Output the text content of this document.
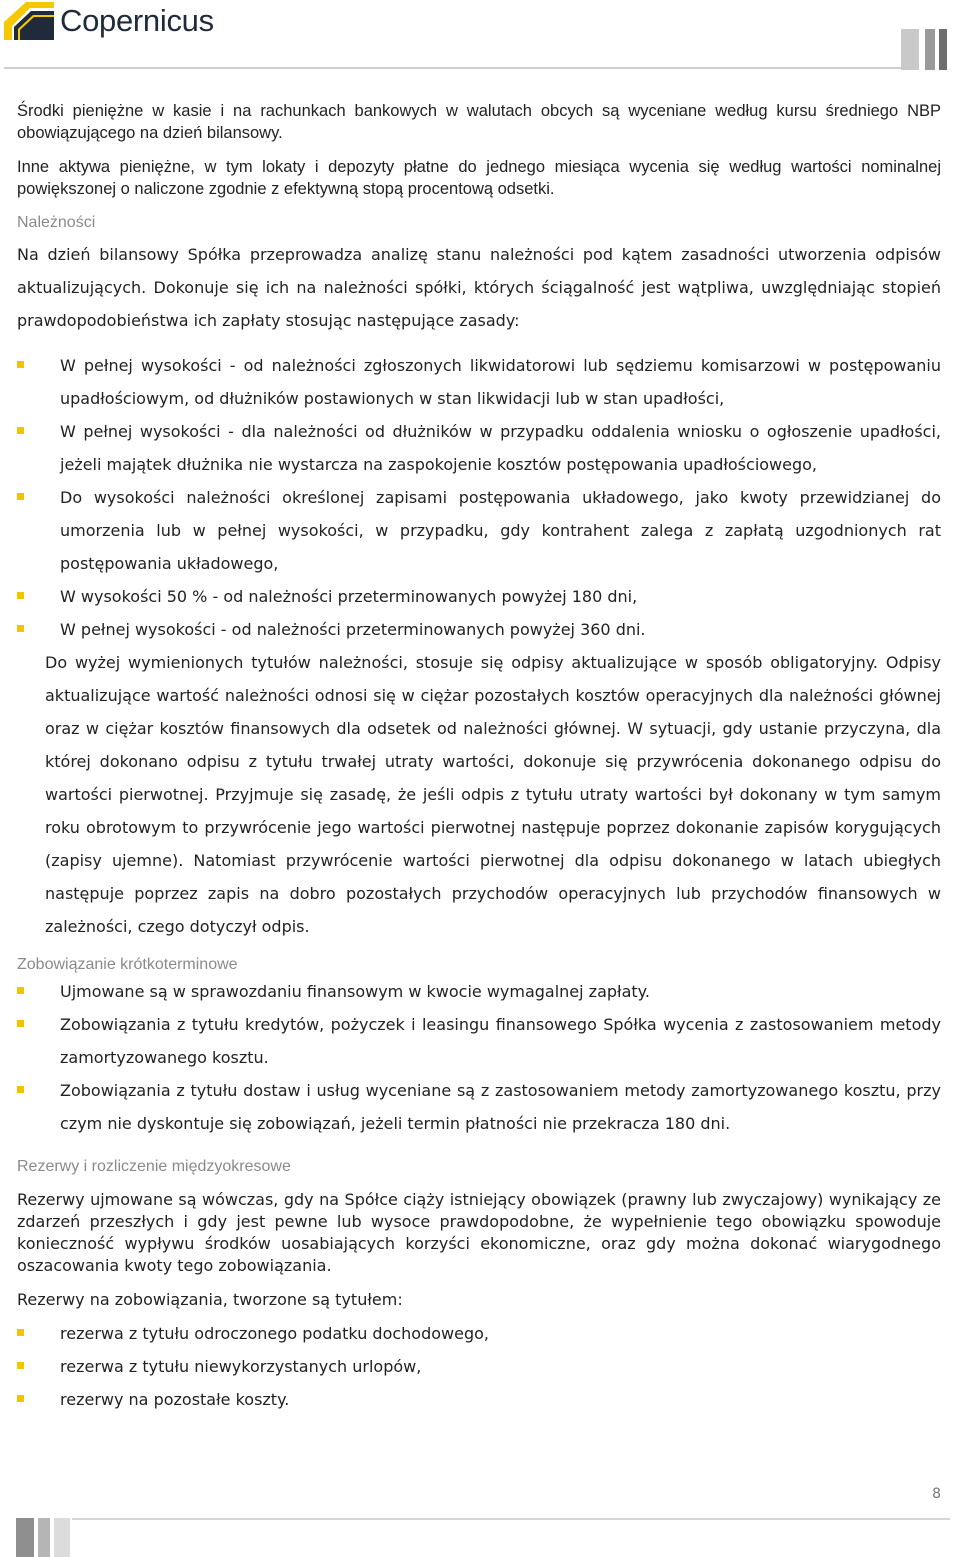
Copernicus

Środki pieniężne w kasie i na rachunkach bankowych w walutach obcych są wyceniane według kursu średniego NBP obowiązującego na dzień bilansowy.

Inne aktywa pieniężne, w tym lokaty i depozyty płatne do jednego miesiąca wycenia się według wartości nominalnej powiększonej o naliczone zgodnie z efektywną stopą procentową odsetki.

Należności

Na dzień bilansowy Spółka przeprowadza analizę stanu należności pod kątem zasadności utworzenia odpisów aktualizujących. Dokonuje się ich na należności spółki, których ściągalność jest wątpliwa, uwzględniając stopień prawdopodobieństwa ich zapłaty stosując następujące zasady:

W pełnej wysokości - od należności zgłoszonych likwidatorowi lub sędziemu komisarzowi w postępowaniu upadłościowym, od dłużników postawionych w stan likwidacji lub w stan upadłości,
W pełnej wysokości - dla należności od dłużników w przypadku oddalenia wniosku o ogłoszenie upadłości, jeżeli majątek dłużnika nie wystarcza na zaspokojenie kosztów postępowania upadłościowego,
Do wysokości należności określonej zapisami postępowania układowego, jako kwoty przewidzianej do umorzenia lub w pełnej wysokości, w przypadku, gdy kontrahent zalega z zapłatą uzgodnionych rat postępowania układowego,
W wysokości 50 % - od należności przeterminowanych powyżej 180 dni,
W pełnej wysokości - od należności przeterminowanych powyżej 360 dni.

Do wyżej wymienionych tytułów należności, stosuje się odpisy aktualizujące w sposób obligatoryjny. Odpisy aktualizujące wartość należności odnosi się w ciężar pozostałych kosztów operacyjnych dla należności głównej oraz w ciężar kosztów finansowych dla odsetek od należności głównej. W sytuacji, gdy ustanie przyczyna, dla której dokonano odpisu z tytułu trwałej utraty wartości, dokonuje się przywrócenia dokonanego odpisu do wartości pierwotnej. Przyjmuje się zasadę, że jeśli odpis z tytułu utraty wartości był dokonany w tym samym roku obrotowym to przywrócenie jego wartości pierwotnej następuje poprzez dokonanie zapisów korygujących (zapisy ujemne). Natomiast przywrócenie wartości pierwotnej dla odpisu dokonanego w latach ubiegłych następuje poprzez zapis na dobro pozostałych przychodów operacyjnych lub przychodów finansowych w zależności, czego dotyczył odpis.

Zobowiązanie krótkoterminowe

Ujmowane są w sprawozdaniu finansowym w kwocie wymagalnej zapłaty.
Zobowiązania z tytułu kredytów, pożyczek i leasingu finansowego Spółka wycenia z zastosowaniem metody zamortyzowanego kosztu.
Zobowiązania z tytułu dostaw i usług wyceniane są z zastosowaniem metody zamortyzowanego kosztu, przy czym nie dyskontuje się zobowiązań, jeżeli termin płatności nie przekracza 180 dni.

Rezerwy i rozliczenie międzyokresowe

Rezerwy ujmowane są wówczas, gdy na Spółce ciąży istniejący obowiązek (prawny lub zwyczajowy) wynikający ze zdarzeń przeszłych i gdy jest pewne lub wysoce prawdopodobne, że wypełnienie tego obowiązku spowoduje konieczność wypływu środków uosabiających korzyści ekonomiczne, oraz gdy można dokonać wiarygodnego oszacowania kwoty tego zobowiązania.

Rezerwy na zobowiązania, tworzone są tytułem:

rezerwa z tytułu odroczonego podatku dochodowego,
rezerwa z tytułu niewykorzystanych urlopów,
rezerwy na pozostałe koszty.
8
